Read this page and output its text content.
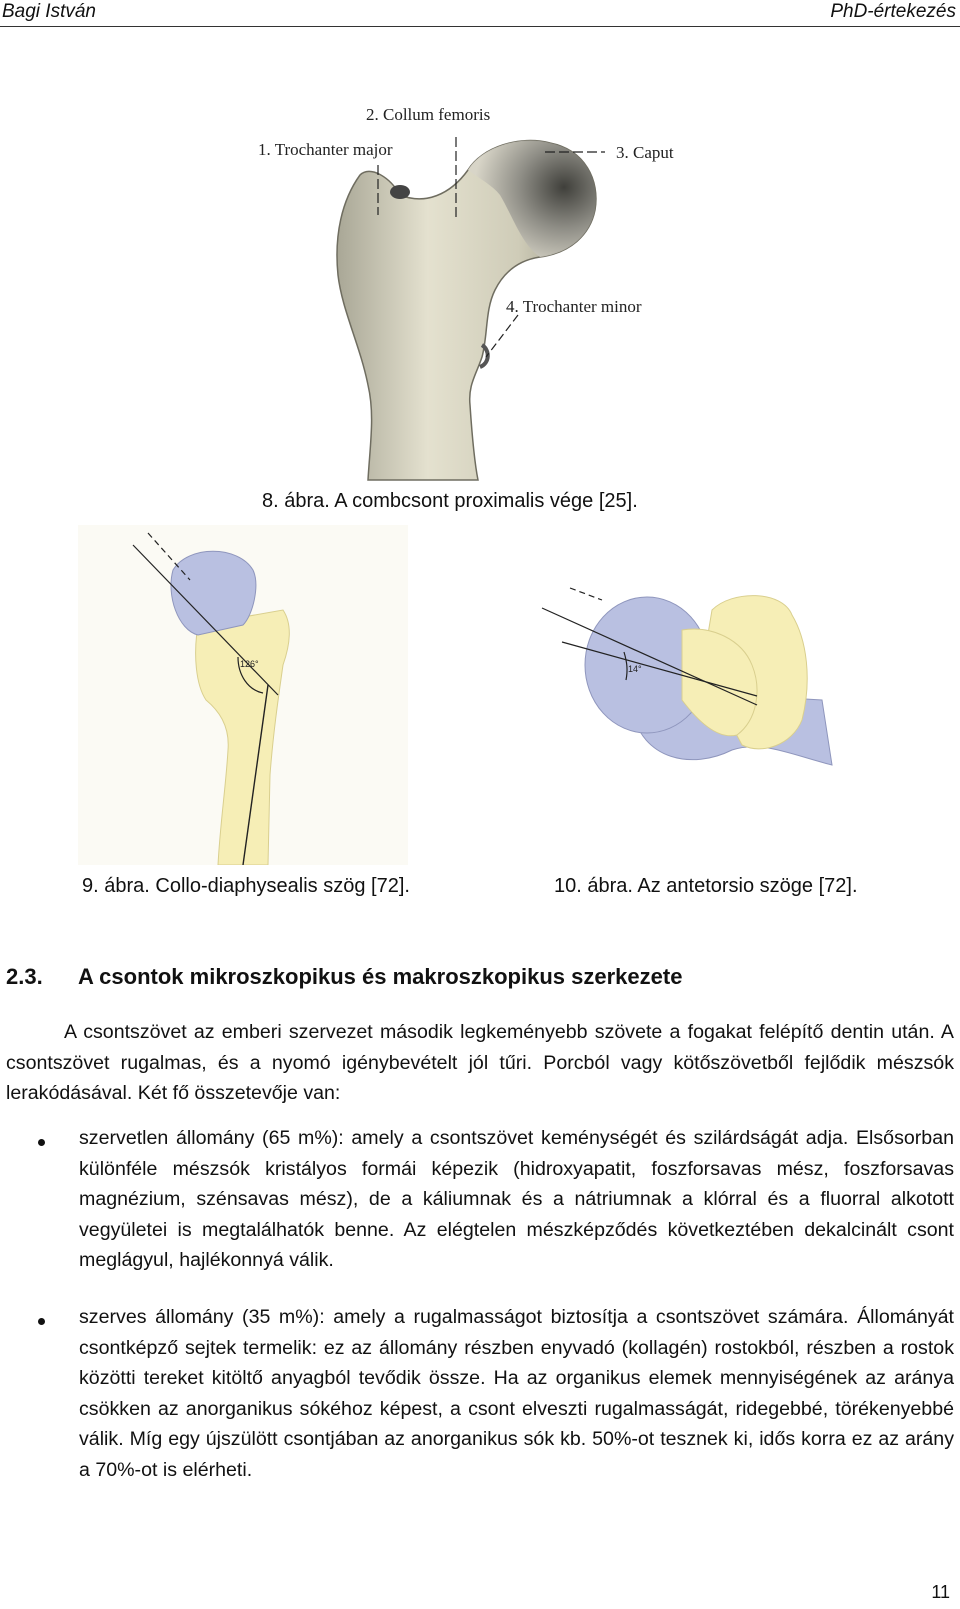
Bagi István	PhD-értekezés
2. Collum femoris
1. Trochanter major	3. Caput
4. Trochanter minor
8. ábra. A combcsont proximalis vége [25].
126°
9. ábra. Collo-diaphysealis szög [72].
14°
10. ábra. Az antetorsio szöge [72].
2.3. A csontok mikroszkopikus és makroszkopikus szerkezete
A csontszövet az emberi szervezet második legkeményebb szövete a fogakat felépítő dentin után. A csontszövet rugalmas, és a nyomó igénybevételt jól tűri. Porcból vagy kötőszövetből fejlődik mészsók lerakódásával. Két fő összetevője van:
szervetlen állomány (65 m%): amely a csontszövet keménységét és szilárdságát adja. Elsősorban különféle mészsók kristályos formái képezik (hidroxyapatit, foszforsavas mész, foszforsavas magnézium, szénsavas mész), de a káliumnak és a nátriumnak a klórral és a fluorral alkotott vegyületei is megtalálhatók benne. Az elégtelen mészképződés következtében dekalcinált csont meglágyul, hajlékonnyá válik.
szerves állomány (35 m%): amely a rugalmasságot biztosítja a csontszövet számára. Állományát csontképző sejtek termelik: ez az állomány részben enyvadó (kollagén) rostokból, részben a rostok közötti tereket kitöltő anyagból tevődik össze. Ha az organikus elemek mennyiségének az aránya csökken az anorganikus sókéhoz képest, a csont elveszti rugalmasságát, ridegebbé, törékenyebbé válik. Míg egy újszülött csontjában az anorganikus sók kb. 50%-ot tesznek ki, idős korra ez az arány a 70%-ot is elérheti.
11
